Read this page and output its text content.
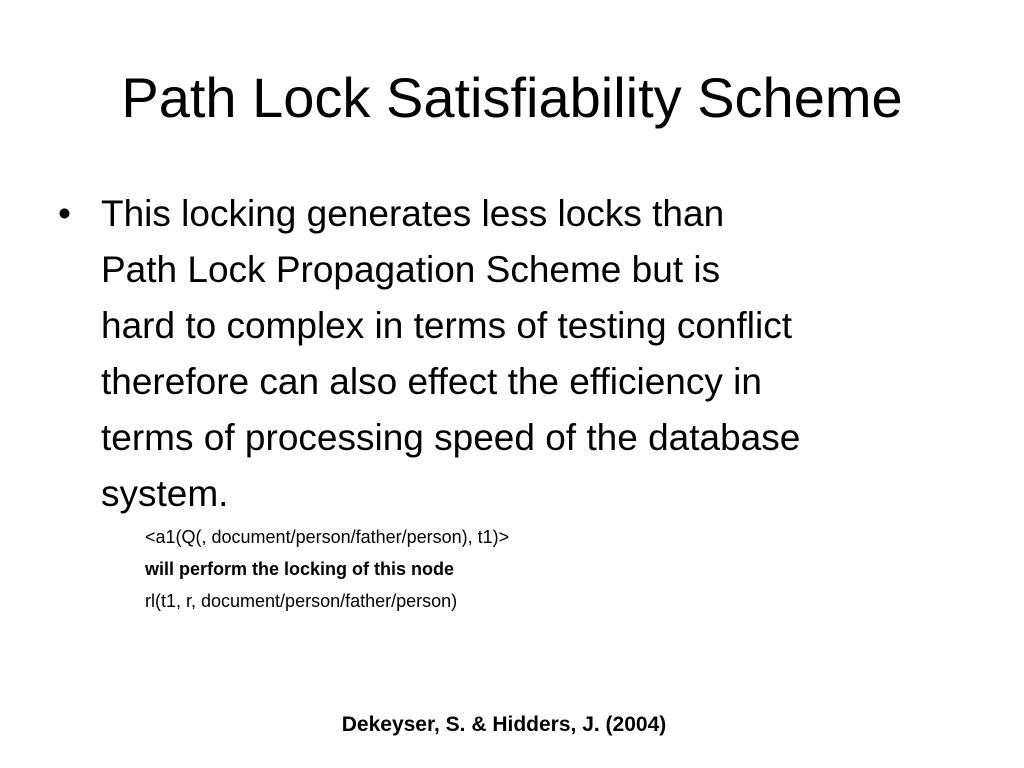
Path Lock Satisfiability Scheme
• This locking generates less locks than
Path Lock Propagation Scheme but is
hard to complex in terms of testing conflict
therefore can also effect the efficiency in
terms of processing speed of the database
system.
<a1(Q(, document/person/father/person), t1)>
will perform the locking of this node
rl(t1, r, document/person/father/person)
Dekeyser, S. & Hidders, J. (2004)
